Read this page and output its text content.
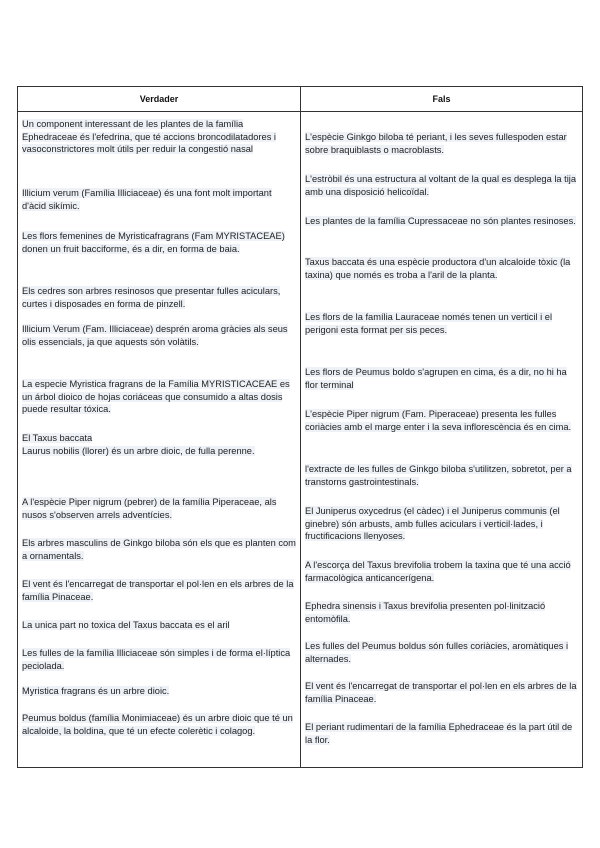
Verdader	Fals
Un component interessant de les plantes de la família Ephedraceae és l'efedrina, que té accions broncodilatadores i vasoconstrictores molt útils per reduir la congestió nasal
Illicium verum (Família Illiciaceae) és una font molt important d'àcid sikímic.
Les flors femenines de Myristicafragrans (Fam MYRISTACEAE) donen un fruit bacciforme, és a dir, en forma de baia.
Els cedres son arbres resinosos que presentar fulles aciculars, curtes i disposades en forma de pinzell.
Illicium Verum (Fam. Illiciaceae) desprén aroma gràcies als seus olis essencials, ja que aquests són volàtils.
La especie Myristica fragrans de la Família MYRISTICACEAE es un árbol dioico de hojas coriáceas que consumido a altas dosis puede resultar tóxica.
El Taxus baccata
Laurus nobilis (llorer) és un arbre dioic, de fulla perenne.
A l'espècie Piper nigrum (pebrer) de la família Piperaceae, als nusos s'observen arrels adventícies.
Els arbres masculins de Ginkgo biloba són els que es planten com a ornamentals.
El vent és l'encarregat de transportar el pol·len en els arbres de la família Pinaceae.
La unica part no toxica del Taxus baccata es el aril
Les fulles de la família Illiciaceae són simples i de forma el·líptica peciolada.
Myristica fragrans és un arbre dioic.
Peumus boldus (família Monimiaceae) és un arbre dioic que té un alcaloide, la boldina, que té un efecte colerètic i colagog.
L'espècie Ginkgo biloba té periant, i les seves fullespoden estar sobre braquiblasts o macroblasts.
L'estròbil és una estructura al voltant de la qual es desplega la tija amb una disposició helicoïdal.
Les plantes de la família Cupressaceae no són plantes resinoses.
Taxus baccata és una espècie productora d'un alcaloide tòxic (la taxina) que només es troba a l'aril de la planta.
Les flors de la família Lauraceae només tenen un verticil i el perigoni esta format per sis peces.
Les flors de Peumus boldo s'agrupen en cima, és a dir, no hi ha flor terminal
L'espècie Piper nigrum (Fam. Piperaceae) presenta les fulles coriàcies amb el marge enter i la seva inflorescència és en cima.
l'extracte de les fulles de Ginkgo biloba s'utilitzen, sobretot, per a transtorns gastrointestinals.
El Juniperus oxycedrus (el càdec) i el Juniperus communis (el ginebre) són arbusts, amb fulles aciculars i verticil·lades, i fructificacions llenyoses.
A l'escorça del Taxus brevifolia trobem la taxina que té una acció farmacològica anticancerígena.
Ephedra sinensis i Taxus brevifolia presenten pol·linització entomòfila.
Les fulles del Peumus boldus són fulles coriàcies, aromàtiques i alternades.
El vent és l'encarregat de transportar el pol·len en els arbres de la família Pinaceae.
El periant rudimentari de la família Ephedraceae és la part útil de la flor.
